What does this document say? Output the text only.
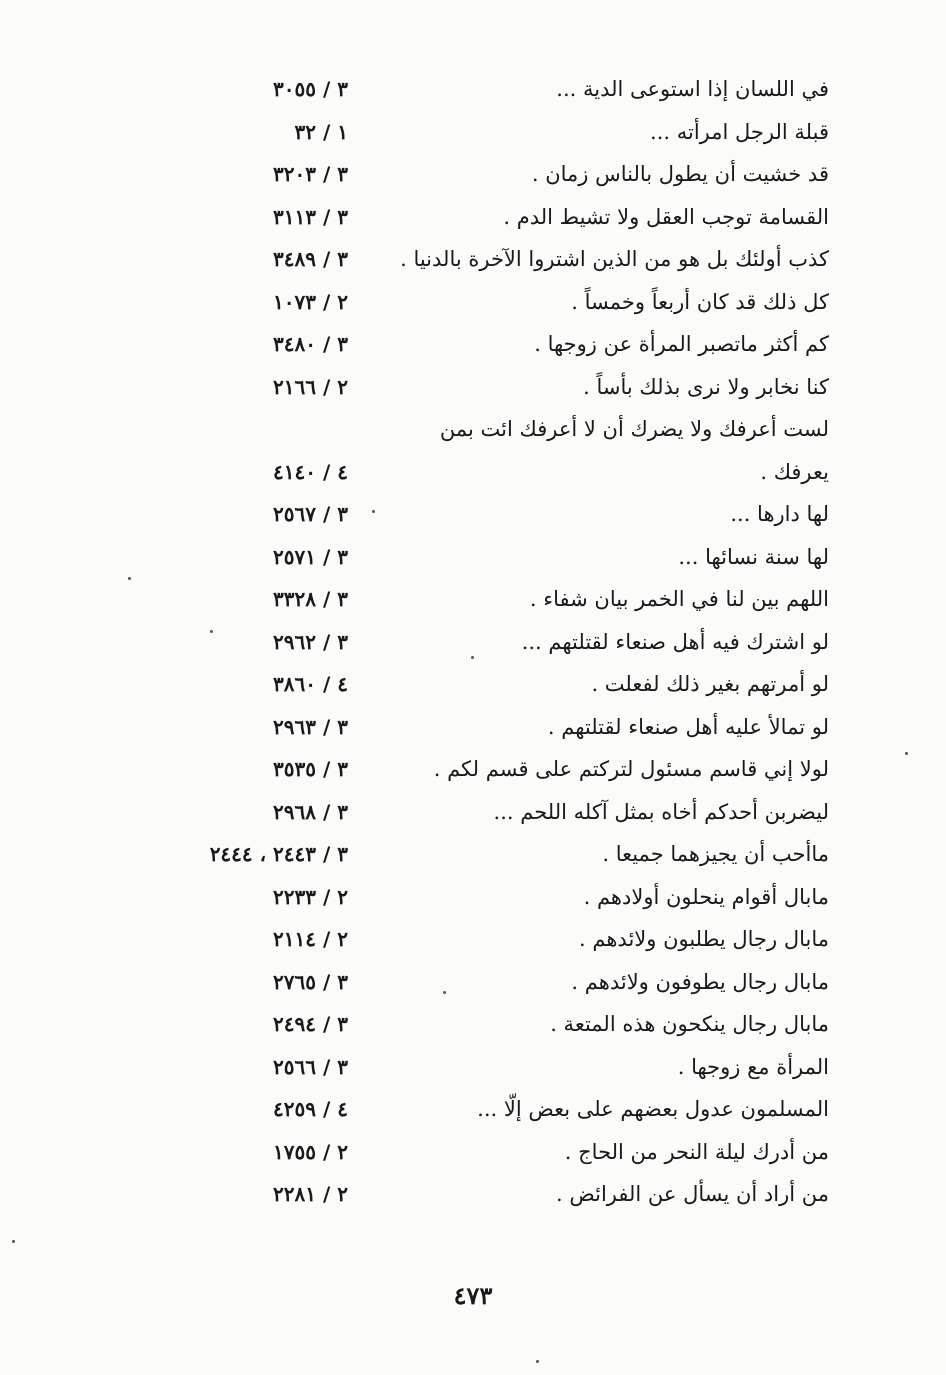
في اللسان إذا استوعى الدية ...
٣ / ٣٠٥٥
قبلة الرجل امرأته ...
١ / ٣٢
قد خشيت أن يطول بالناس زمان .
٣ / ٣٢٠٣
القسامة توجب العقل ولا تشيط الدم .
٣ / ٣١١٣
كذب أولئك بل هو من الذين اشتروا الآخرة بالدنيا .
٣ / ٣٤٨٩
كل ذلك قد كان أربعاً وخمساً .
٢ / ١٠٧٣
كم أكثر ماتصبر المرأة عن زوجها .
٣ / ٣٤٨٠
كنا نخابر ولا نرى بذلك بأساً .
٢ / ٢١٦٦
لست أعرفك ولا يضرك أن لا أعرفك ائت بمن
يعرفك .
٤ / ٤١٤٠
لها دارها ...
٣ / ٢٥٦٧
لها سنة نسائها ...
٣ / ٢٥٧١
اللهم بين لنا في الخمر بيان شفاء .
٣ / ٣٣٢٨
لو اشترك فيه أهل صنعاء لقتلتهم ...
٣ / ٢٩٦٢
لو أمرتهم بغير ذلك لفعلت .
٤ / ٣٨٦٠
لو تمالأ عليه أهل صنعاء لقتلتهم .
٣ / ٢٩٦٣
لولا إني قاسم مسئول لتركتم على قسم لكم .
٣ / ٣٥٣٥
ليضربن أحدكم أخاه بمثل آكله اللحم ...
٣ / ٢٩٦٨
ماأحب أن يجيزهما جميعا .
٣ / ٢٤٤٣ ، ٢٤٤٤
مابال أقوام ينحلون أولادهم .
٢ / ٢٢٣٣
مابال رجال يطلبون ولائدهم .
٢ / ٢١١٤
مابال رجال يطوفون ولائدهم .
٣ / ٢٧٦٥
مابال رجال ينكحون هذه المتعة .
٣ / ٢٤٩٤
المرأة مع زوجها .
٣ / ٢٥٦٦
المسلمون عدول بعضهم على بعض إلّا ...
٤ / ٤٢٥٩
من أدرك ليلة النحر من الحاج .
٢ / ١٧٥٥
من أراد أن يسأل عن الفرائض .
٢ / ٢٢٨١
٤٧٣
